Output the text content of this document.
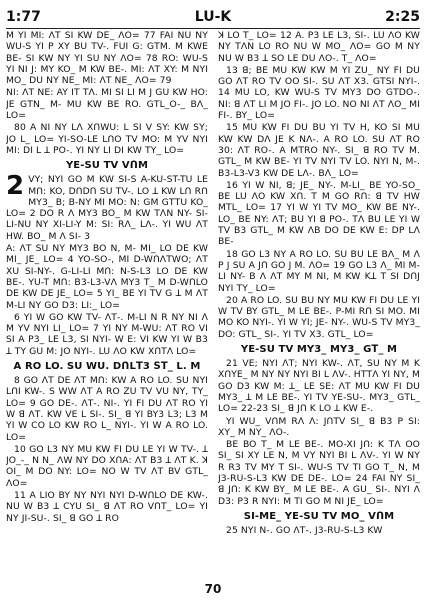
1:77	LU-K	2:25

M YI MI: ꓥꓔ SI KW ꓓꓰ_ ꓥꓳ= 77 FAI NU NY WU-S YI P XY BU TV-. FUI G: GꓔM. M KWE BE- SI KW NY YI SU NY ꓥꓳ= 78 RO: WU-S YI NI J: MY KO_ M KW BE-. MI: ꓥꓔ XY: M NYI MO_ DU NY NE_ MI: ꓥꓔ NE_ ꓥꓳ= 79

NI: ꓥꓔ NE: AY IT Tꓥ. MI SI LI M J GU KW HO: JE GꓔN_ M- MU KW BE RO. GꓔL_O-_ Bꓥ_ LO=

80 A NI NY Lꓥ XꓵWU: L SI V SY: KW SY; JO L_ LO= YI-SO-LE LꓵO TV MO: M YV NYI MI: ꓓI L ꓕ PO-. YI NY LI ꓓI KW TY_ LO=

YE-SU TV VꓵM
2 VY; NYI GO M KW SI-S A-KU-ST-TU LE Mꓵ: KO, DꓵDꓵ SU TV-. LO ꓕ KW Lꓵ Rꓵ MY3_ B; B-NY MI MO: N: GM GꓔTU KO_ LO= 2 ꓓO R ꓥ MY3 BO_ M KW TꓥN NY- SI-LI-NU NY XI-LI-Y M: SI: Rꓥ_ Lꓥ-. YI WU ꓥꓔ HW. BO_ M ꓥ SI- 3

A: ꓥꓔ SU NY MY3 BO N, M- MI_ LO ꓓꓰ KW MI_ JE_ LO= 4 YO-SO-, MI D-WꓵꓥꓔWO; ꓥꓔ XU SI-NY-. G-LI-LI Mꓵ: N-S-L3 LO ꓓꓰ KW BE-. YU-T Mꓵ: B3-L3-Vꓥ MY3 T_ M D-WꓵLO ꓓꓰ KW ꓓꓰ JE_ LO= 5 YI_ BE YI TV G ꓕ M ꓥꓔ M-LI NY GO D3: LI:_ LO=

6 YI W GO KW TV- ꓥꓔ-. M-LI N R NY NI ꓥ M YV NYI LI_ LO= 7 YI NY M-WU: ꓥꓔ RO VI SI A P3_ LE L3, SI NYI- W E: VI KW YI W B3 ꓕ TY GU M: JO NYI-. LU ꓥꓳ KW XꓵTꓥ LO=

A RO LO. SU WU. DꓵLꓔ3 ꓢꓔ_ L. M

8 GO ꓥꓔ ꓓꓰ ꓥꓔ Mꓵ: KW A RO LO. SU NYI LꓵI KW-. S WW ꓥꓔ A RO ZU TV VU NY, TY_ LO= 9 GO ꓓꓰ-. ꓥꓔ-. NI-. YI FI DU ꓥꓔ RO YI W ꓭ ꓥꓔ. KW VE L SI-. SI_ ꓭ YI BY3 L3; L3 M YI W CO LO KW RO L_ NYI-. YI W A RO LO. LO=

10 GO L3 NY MU KW FI DU LE YI W TV-. ꓕ JO_-_ N N_ ꓥW NY ꓓO XꓵA: ꓥꓔ B3 ꓕ ꓥꓔ K. ꓘ OI_ M DO NY: LO= NO W TV ꓥꓔ BV GꓔL_ ꓥꓳ=

11 A LIO BY NY NYI NYI D-WꓵLO ꓓꓰ KW-. NU W B3 ꓕ CYU SI_ ꓭ ꓥꓔ RO VꓵT_ LO= YI NY JI-SU-. SI_ ꓭ GO ꓕ RO

ꓘ LO T_ LO= 12 A. P3 LE L3, SI-. LU ꓥꓳ KW NY TꓥN LO RO NU W MO_ ꓥꓳ= GO M NY NU W B3 ꓕ SO LE DU ꓥꓳ-. T_ ꓥꓳ=

13 ꓭ; BE MU KW KW M YI ZU_ NY FI DU GO ꓥꓔ RO TV OO SI-. SU ꓥꓔ X3. GꓔSI NYI-. 14 MU LO, KW WU-S TV MY3 DO GꓔDO-. NI: ꓭ ꓥꓔ LI M JO FI-. JO LO. NO NI ꓥꓔ ꓥꓳ_ MI FI-. BY_ LO=

15 MU KW FI DU BU YI TV H, KO SI MU KW KW Dꓥ JE K Nꓥ-. A RO LO. SU ꓥꓔ RO 30: ꓥꓔ RO-. A MꓔRO NY-. SI_ ꓭ RO TV M. GꓔL_ M KW BE- YI TV NYI TV LO. NYI N, M-. B3-L3-V3 KW ꓓꓰ Lꓥ-. Bꓥ_ LO=

16 YI W NI, ꓭ; JE_ NY-. M-LI_ BE YO-SO_ BE LU ꓥꓳ KW Xꓵ. T M GO Rꓵ: ꓭ TV HW MꓔL_ LO= 17 YI W YI TV MO_ KW BE NY-. LO_ BE NY: ꓥꓔ; BU YI ꓭ PO-. Tꓥ BU LE YI W TV B3 GꓔL_ M KW ꓥB ꓓO ꓓꓰ KW E: ꓓP Lꓥ BE-

18 GO L3 NY A RO LO. SU BU LE Bꓥ_ M ꓥ P J SU A Jꓵ GO J M. ꓥꓳ= 19 GO L3 ꓥ_ MI M-LI NY- B ꓥ ꓥꓔ MY M NI, M KW Kꓕ T SI DꓵJ NYI TY_ LO=

20 A RO LO. SU BU NY MU KW FI DU LE YI W TV BY GꓔL_ M LE BE-. P-MI Rꓵ SI MO. MI MO KO NYI-. YI W YI; JE- NY-. WU-S TV MY3_ DO: GꓔL_ SI-. YI TV X3. GꓔL_ LO=

YE-SU TV MY3_ MY3_ Gꓔ_ M

21 VE; NYI ꓥꓔ; NYI KW-. ꓥꓔ, SU NY M K XꓵYE_ M NY NY NYI BI L ꓥV-. HꓔTꓥ YI NY, M GO D3 KW M: ꓕ_ LE SE: ꓥꓔ MU KW FI DU MY3_ ꓕ M LE BE-. YI TV YE-SU-. MY3_ GꓔL_ LO= 22-23 SI_ ꓭ Jꓵ K LO ꓕ KW E-.

YI WU_ VꓵM Rꓥ ꓥ: JꓵTV SI_ ꓭ B3 P SI: XY_ M NY_ ꓥꓳ-.

BE BO T_ M LE BE-. MO-XI Jꓵ: K Tꓥ OO SI_ SI XY LE N, M VY NYI BI L ꓥV-. YI W NY R R3 TV MY T SI-. WU-S TV TI GO T_ N, M J3-RU-S-L3 KW ꓓꓰ ꓓꓰ-. LO= 24 FAI NY SI_ ꓭ Jꓵ: K KW BY_ M LE BE-. A GU_ SI-. NYI ꓥ D3: P3 R NYI: M TI GO M NI JE_ LO=

SI-ME_ YE-SU TV MO_ VꓵM

25 NYI N-. GO ꓥꓔ-. J3-RU-S-L3 KW

70
